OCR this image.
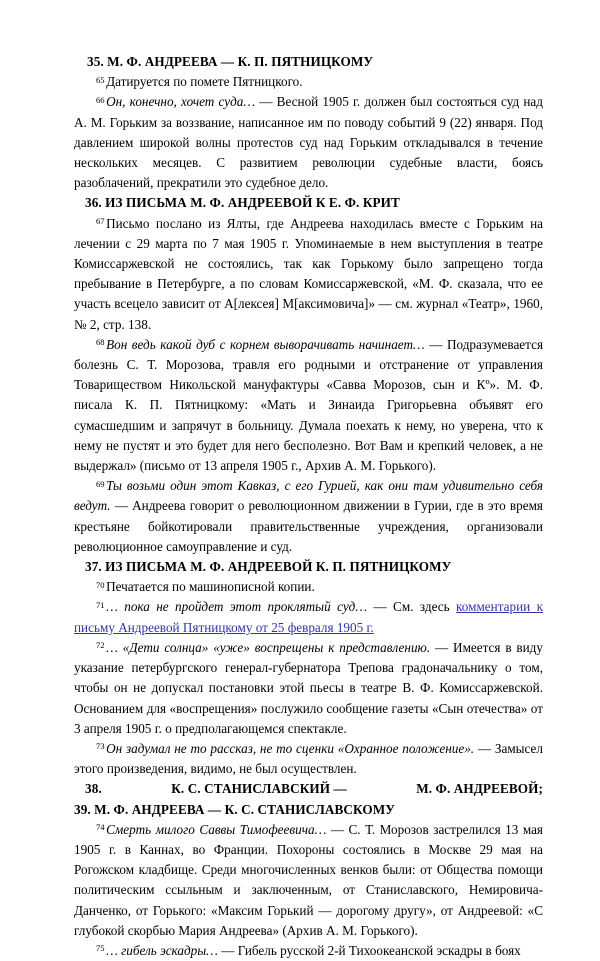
35. М. Ф. АНДРЕЕВА — К. П. ПЯТНИЦКОМУ

$^{65}$ Датируется по помете Пятницкого.

$^{66}$ Он, конечно, хочет суда… — Весной 1905 г. должен был состояться суд над А. М. Горьким за воззвание, написанное им по поводу событий 9 (22) января. Под давлением широкой волны протестов суд над Горьким откладывался в течение нескольких месяцев. С развитием революции судебные власти, боясь разоблачений, прекратили это судебное дело.

36. ИЗ ПИСЬМА М. Ф. АНДРЕЕВОЙ К Е. Ф. КРИТ

$^{67}$ Письмо послано из Ялты, где Андреева находилась вместе с Горьким на лечении с 29 марта по 7 мая 1905 г. Упоминаемые в нем выступления в театре Комиссаржевской не состоялись, так как Горькому было запрещено тогда пребывание в Петербурге, а по словам Комиссаржевской, «М. Ф. сказала, что ее участь всецело зависит от А[лексея] М[аксимовича]» — см. журнал «Театр», 1960, № 2, стр. 138.

$^{68}$ Вон ведь какой дуб с корнем выворачивать начинает… — Подразумевается болезнь С. Т. Морозова, травля его родными и отстранение от управления Товариществом Никольской мануфактуры «Савва Морозов, сын и Кº». М. Ф. писала К. П. Пятницкому: «Мать и Зинаида Григорьевна объявят его сумасшедшим и запрячут в больницу. Думала поехать к нему, но уверена, что к нему не пустят и это будет для него бесполезно. Вот Вам и крепкий человек, а не выдержал» (письмо от 13 апреля 1905 г., Архив А. М. Горького).

$^{69}$ Ты возьми один этот Кавказ, с его Гурией, как они там удивительно себя ведут. — Андреева говорит о революционном движении в Гурии, где в это время крестьяне бойкотировали правительственные учреждения, организовали революционное самоуправление и суд.

37. ИЗ ПИСЬМА М. Ф. АНДРЕЕВОЙ К. П. ПЯТНИЦКОМУ

$^{70}$ Печатается по машинописной копии.

$^{71}$ … пока не пройдет этот проклятый суд… — См. здесь комментарии к письму Андреевой Пятницкому от 25 февраля 1905 г.

$^{72}$ … «Дети солнца» «уже» воспрещены к представлению. — Имеется в виду указание петербургского генерал-губернатора Трепова градоначальнику о том, чтобы он не допускал постановки этой пьесы в театре В. Ф. Комиссаржевской. Основанием для «воспрещения» послужило сообщение газеты «Сын отечества» от 3 апреля 1905 г. о предполагающемся спектакле.

$^{73}$ Он задумал не то рассказ, не то сценки «Охранное положение». — Замысел этого произведения, видимо, не был осуществлен.

38.	К. С. СТАНИСЛАВСКИЙ —	М. Ф. АНДРЕЕВОЙ;
39. М. Ф. АНДРЕЕВА — К. С. СТАНИСЛАВСКОМУ

$^{74}$ Смерть милого Саввы Тимофеевича… — С. Т. Морозов застрелился 13 мая 1905 г. в Каннах, во Франции. Похороны состоялись в Москве 29 мая на Рогожском кладбище. Среди многочисленных венков были: от Общества помощи политическим ссыльным и заключенным, от Станиславского, Немировича-Данченко, от Горького: «Максим Горький — дорогому другу», от Андреевой: «С глубокой скорбью Мария Андреева» (Архив А. М. Горького).

$^{75}$ … гибель эскадры… — Гибель русской 2-й Тихоокеанской эскадры в боях
